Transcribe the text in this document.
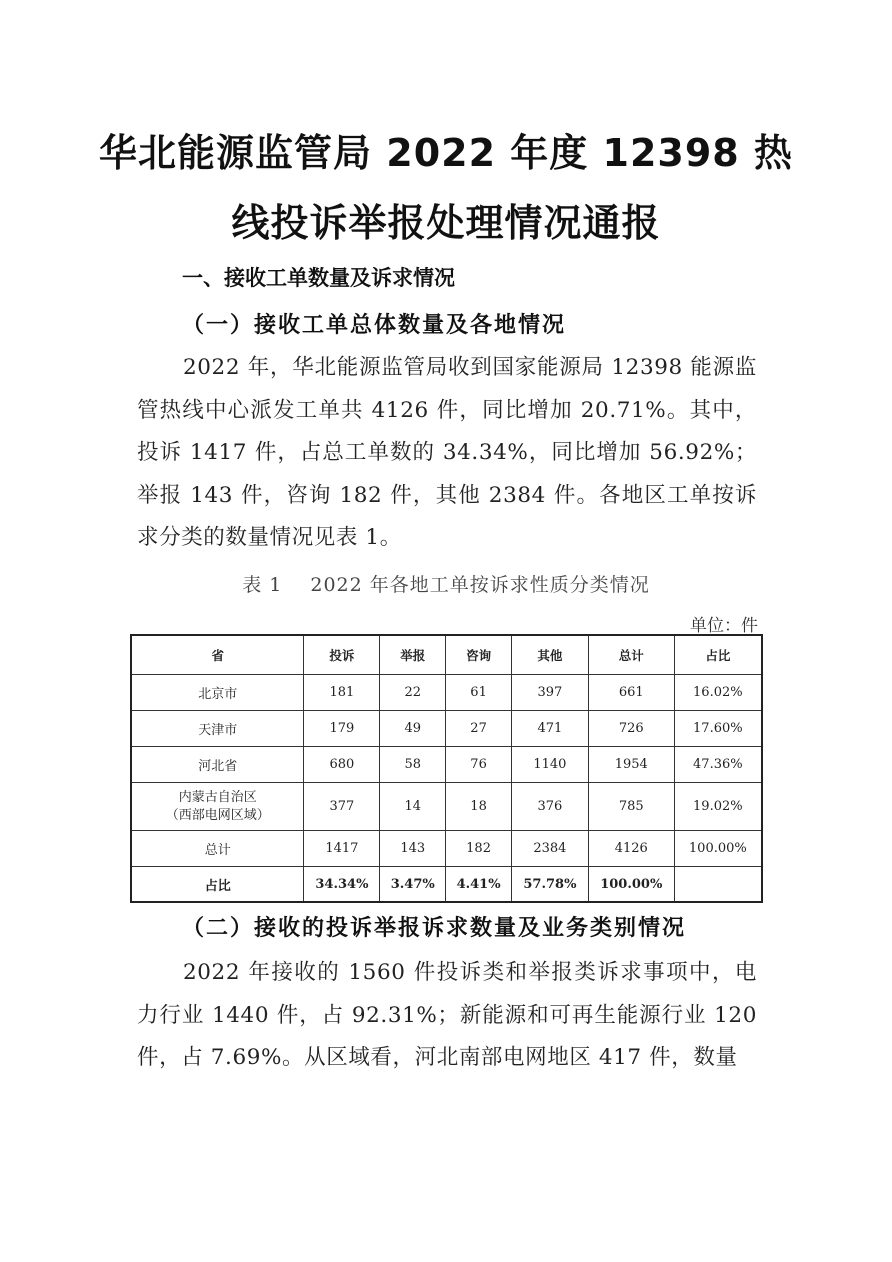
华北能源监管局 2022 年度 12398 热
线投诉举报处理情况通报
一、接收工单数量及诉求情况
（一）接收工单总体数量及各地情况

2022 年，华北能源监管局收到国家能源局 12398 能源监管热线中心派发工单共 4126 件，同比增加 20.71%。其中，投诉 1417 件，占总工单数的 34.34%，同比增加 56.92%；举报 143 件，咨询 182 件，其他 2384 件。各地区工单按诉求分类的数量情况见表 1。

表 1 2022 年各地工单按诉求性质分类情况
单位：件
省	投诉	举报	咨询	其他	总计	占比
北京市	181	22	61	397	661	16.02%
天津市	179	49	27	471	726	17.60%
河北省	680	58	76	1140	1954	47.36%

内蒙古自治区
（西部电网区域）	377	14	18	376	785	19.02%
总计	1417	143	182	2384	4126	100.00%
占比	34.34%	3.47%	4.41%	57.78%	100.00%	
（二）接收的投诉举报诉求数量及业务类别情况

2022 年接收的 1560 件投诉类和举报类诉求事项中，电力行业 1440 件，占 92.31%；新能源和可再生能源行业 120 件，占 7.69%。从区域看，河北南部电网地区 417 件，数量
